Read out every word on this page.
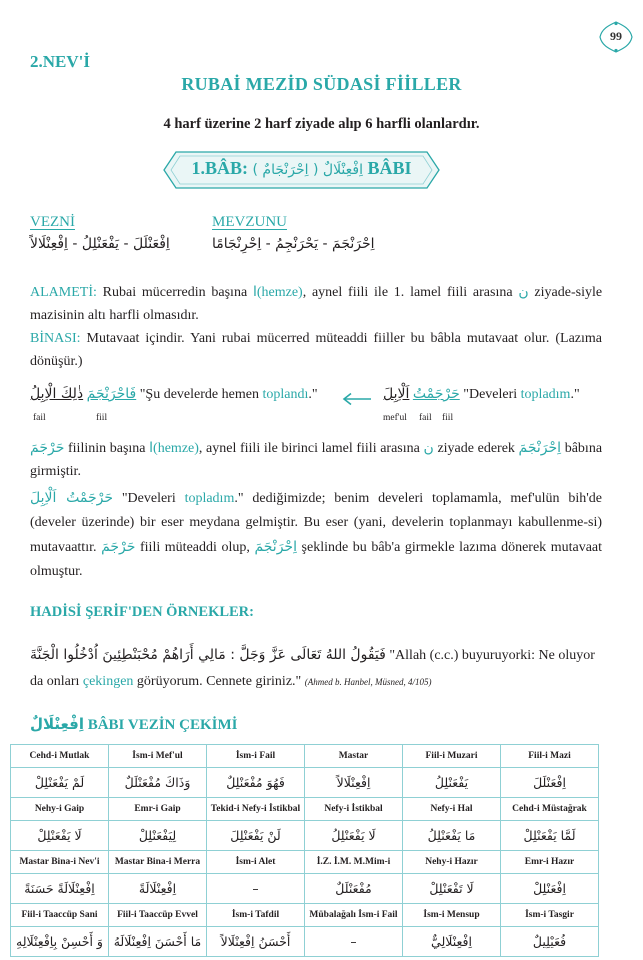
99
2.NEV'İ
RUBAİ MEZİD SÜDASİ FİİLLER
4 harf üzerine 2 harf ziyade alıp 6 harfli olanlardır.
1.BÂB: اِفْعِنْلَالٌ ( اِحْرَنْجَامٌ ) BÂBI
VEZNİ
اِفْعَنْلَلَ - يَفْعَنْلِلُ - اِفْعِنْلَالاً
MEVZUNU
اِحْرَنْجَمَ - يَحْرَنْجِمُ - اِحْرِنْجَامًا

ALAMETİ: Rubai mücerredin başına ا(hemze), aynel fiili ile 1. lamel fiili arasına ن ziyade-siyle mazisinin altı harfli olmasıdır.

BİNASI: Mutavaat içindir. Yani rubai mücerred müteaddi fiiller bu bâbla mutavaat olur. (Lazıma dönüşür.)

ذٰلِكَ الْاِبِلُ فَاحْرَنْجَمَ "Şu develerde hemen toplandı."	اَلْاِبِلَ حَرْجَمْتُ "Develeri topladım."
fail	fiil	mef'ul fail fiil

حَرْجَمَ fiilinin başına ا(hemze), aynel fiili ile birinci lamel fiili arasına ن ziyade ederek اِحْرَنْجَمَ bâbına girmiştir.

حَرْجَمْتُ اَلْاِبِلَ "Develeri topladım." dediğimizde; benim develeri toplamamla, mef'ulün bih'de (develer üzerinde) bir eser meydana gelmiştir. Bu eser (yani, develerin toplanmayı kabullenme-si) mutavaattır. حَرْجَمَ fiili müteaddi olup, اِحْرَنْجَمَ şeklinde bu bâb'a girmekle lazıma dönerek mutavaat olmuştur.

HADİSİ ŞERİF'DEN ÖRNEKLER:

فَيَقُولُ اللهُ تَعَالَى عَزَّ وَجَلَّ : مَالِي أَرَاهُمْ مُحْبَنْطِئِينَ اُدْخُلُوا الْجَنَّةَ "Allah (c.c.) buyuruyorki: Ne oluyor da onları çekingen görüyorum. Cennete giriniz." (Ahmed b. Hanbel, Müsned, 4/105)

اِفْعِنْلَالٌ BÂBI VEZİN ÇEKİMİ
Cehd-i Mutlak	İsm-i Mef'ul	İsm-i Fail	Mastar	Fiil-i Muzari	Fiil-i Mazi
لَمْ يَفْعَنْلِلْ	وَذَاكَ مُفْعَنْلَلٌ	فَهُوَ مُفْعَنْلِلٌ	اِفْعِنْلَالاً	يَفْعَنْلِلُ	اِفْعَنْلَلَ
Nehy-i Gaip	Emr-i Gaip	Tekid-i Nefy-i İstikbal	Nefy-i İstikbal	Nefy-i Hal	Cehd-i Müstağrak
لَا يَفْعَنْلِلْ	لِيَفْعَنْلِلْ	لَنْ يَفْعَنْلِلَ	لَا يَفْعَنْلِلُ	مَا يَفْعَنْلِلُ	لَمَّا يَفْعَنْلِلْ
Mastar Bina-i Nev'i	Mastar Bina-i Merra	İsm-i Alet	İ.Z. İ.M. M.Mim-i	Nehy-i Hazır	Emr-i Hazır
اِفْعِنْلَالَةً حَسَنَةً	اِفْعِنْلَالَةً	–	مُفْعَنْلَلٌ	لَا تَفْعَنْلِلْ	اِفْعَنْلِلْ
Fiil-i Taaccüp Sani	Fiil-i Taaccüp Evvel	İsm-i Tafdil	Mübalağalı İsm-i Fail	İsm-i Mensup	İsm-i Tasgir
وَ أَحْسِنْ بِاِفْعِنْلَالِهِ	مَا أَحْسَنَ اِفْعِنْلَالَهُ	أَحْسَنُ اِفْعِنْلَالاً	–	اِفْعِنْلَالِيٌّ	فُعَيْلِيلٌ
